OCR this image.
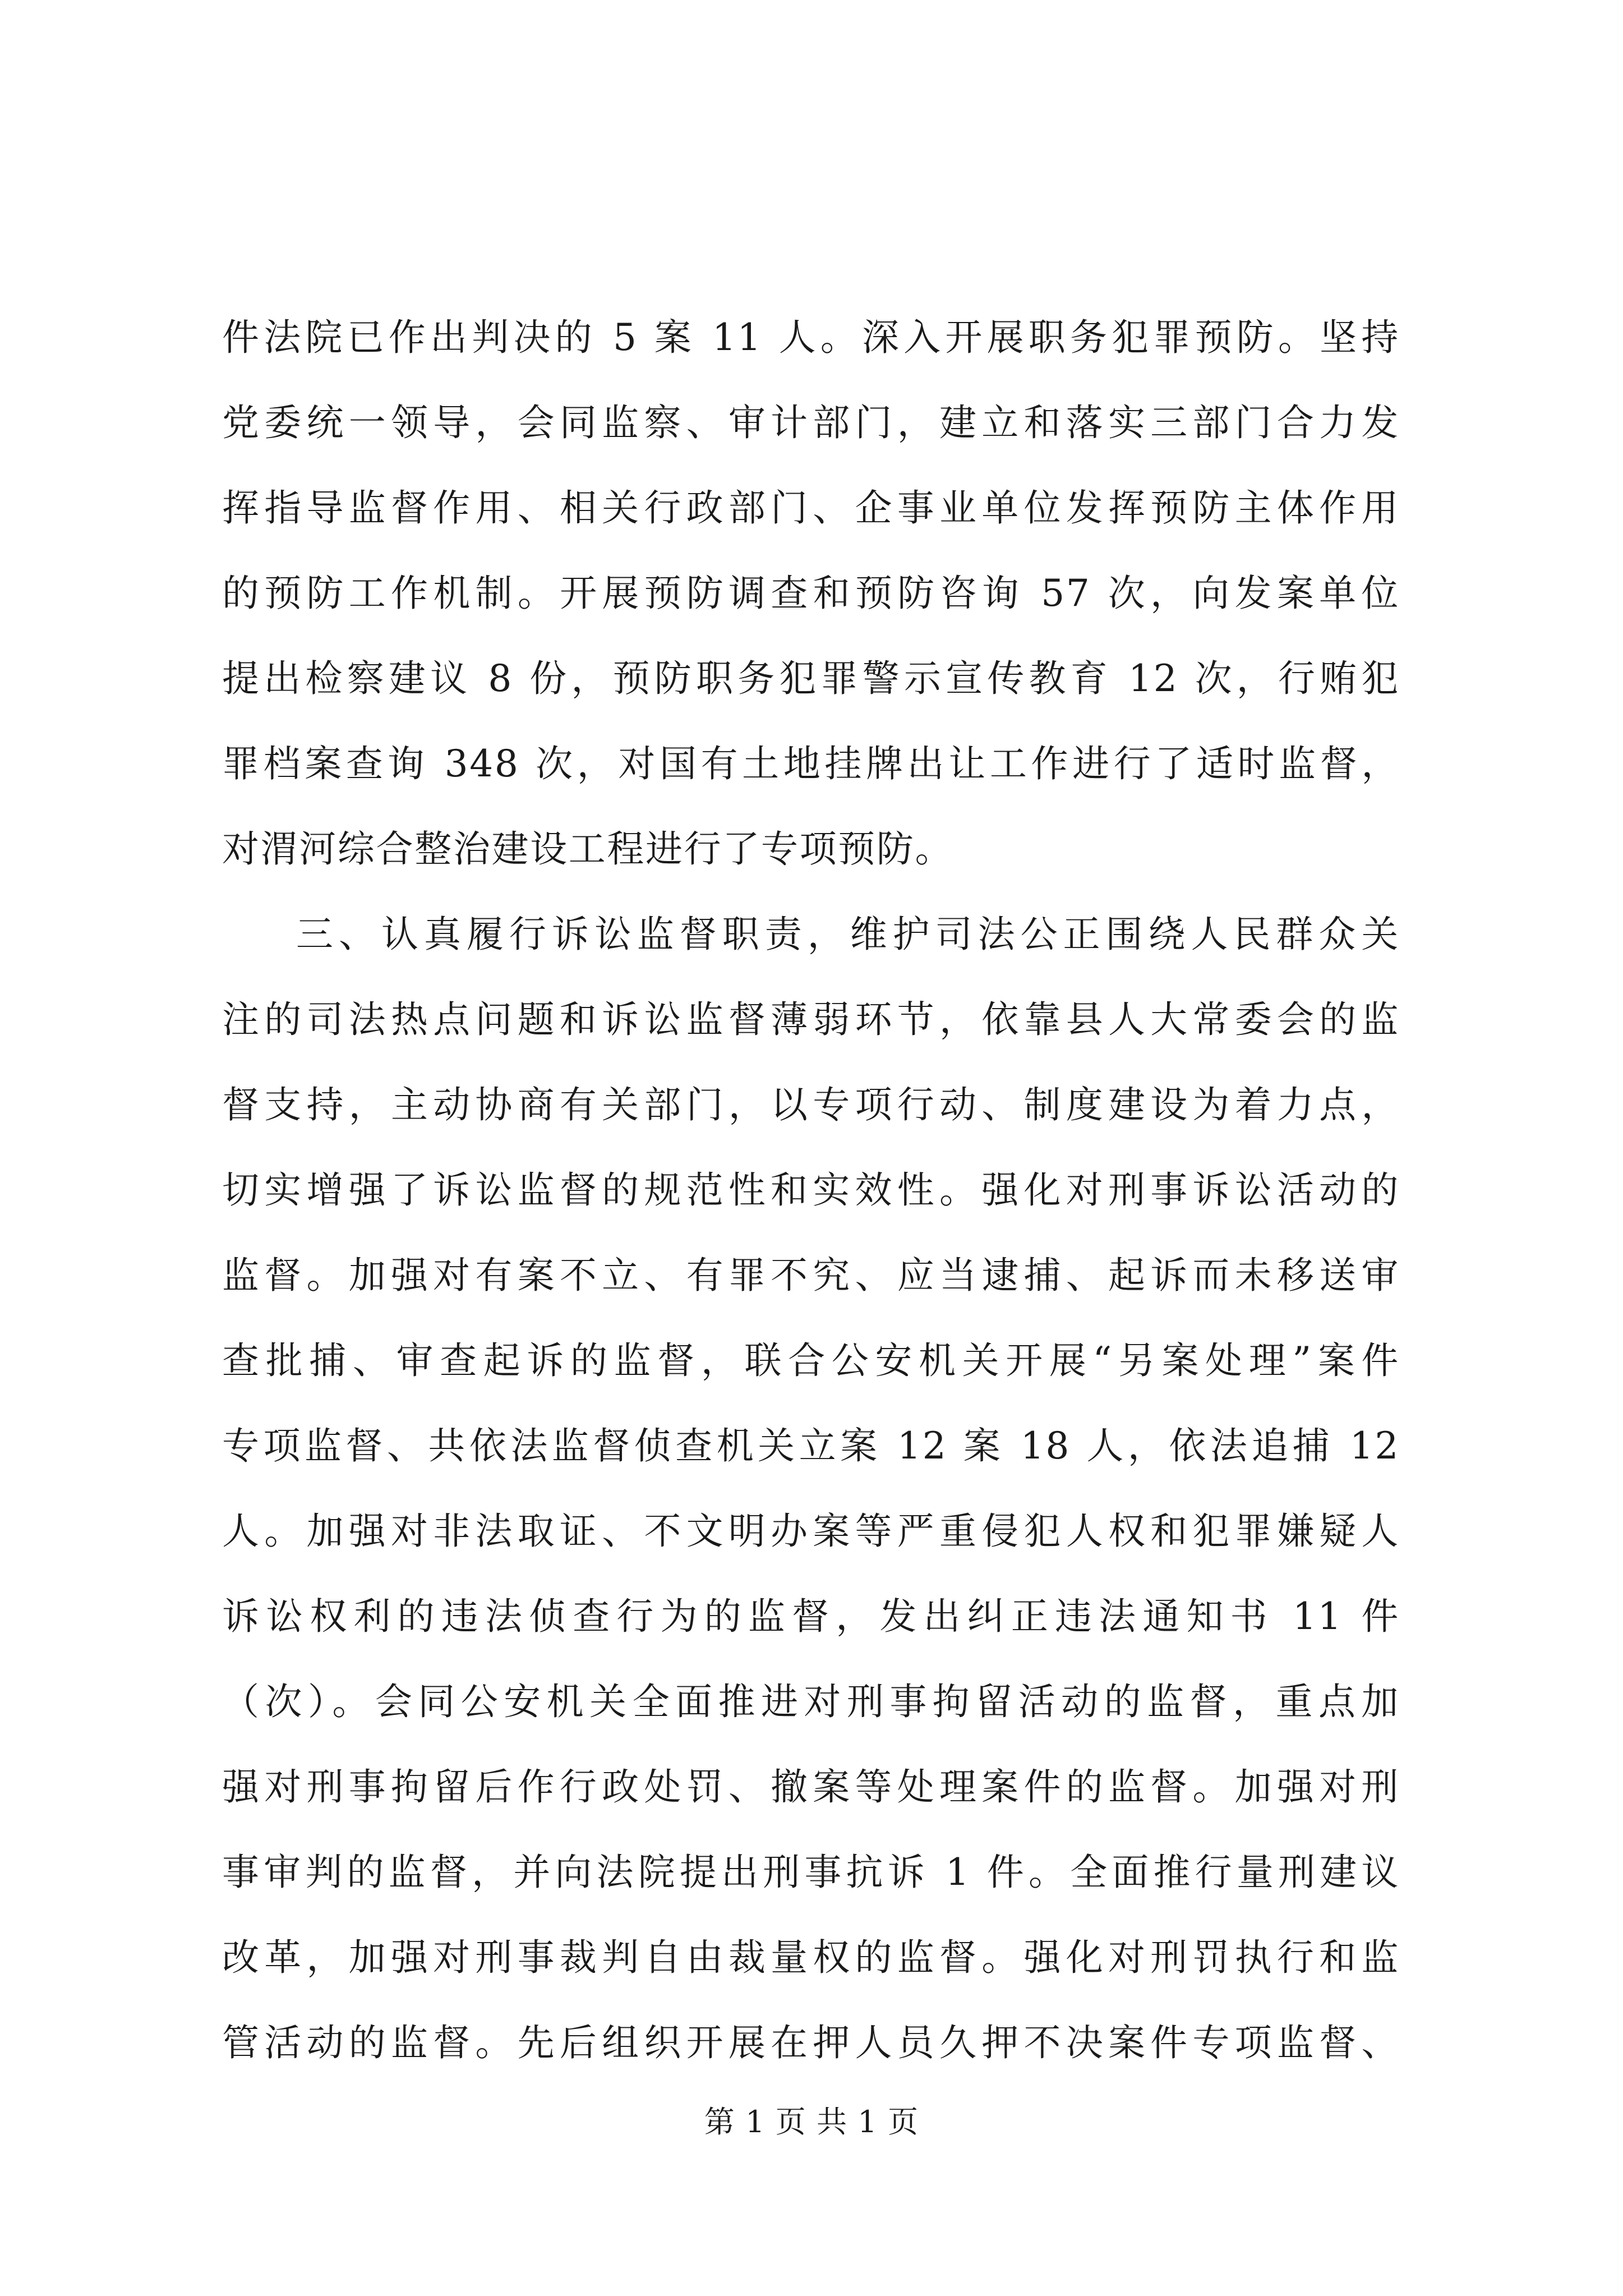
件法院已作出判决的 5 案 11 人。深入开展职务犯罪预防。坚持
党委统一领导，会同监察、审计部门，建立和落实三部门合力发
挥指导监督作用、相关行政部门、企事业单位发挥预防主体作用
的预防工作机制。开展预防调查和预防咨询 57 次，向发案单位
提出检察建议 8 份，预防职务犯罪警示宣传教育 12 次，行贿犯
罪档案查询 348 次，对国有土地挂牌出让工作进行了适时监督，
对渭河综合整治建设工程进行了专项预防。
三、认真履行诉讼监督职责，维护司法公正围绕人民群众关
注的司法热点问题和诉讼监督薄弱环节，依靠县人大常委会的监
督支持，主动协商有关部门，以专项行动、制度建设为着力点，
切实增强了诉讼监督的规范性和实效性。强化对刑事诉讼活动的
监督。加强对有案不立、有罪不究、应当逮捕、起诉而未移送审
查批捕、审查起诉的监督，联合公安机关开展“另案处理”案件
专项监督、共依法监督侦查机关立案 12 案 18 人，依法追捕 12
人。加强对非法取证、不文明办案等严重侵犯人权和犯罪嫌疑人
诉讼权利的违法侦查行为的监督，发出纠正违法通知书 11 件
（次）。会同公安机关全面推进对刑事拘留活动的监督，重点加
强对刑事拘留后作行政处罚、撤案等处理案件的监督。加强对刑
事审判的监督，并向法院提出刑事抗诉 1 件。全面推行量刑建议
改革，加强对刑事裁判自由裁量权的监督。强化对刑罚执行和监
管活动的监督。先后组织开展在押人员久押不决案件专项监督、
第 1 页 共 1 页
